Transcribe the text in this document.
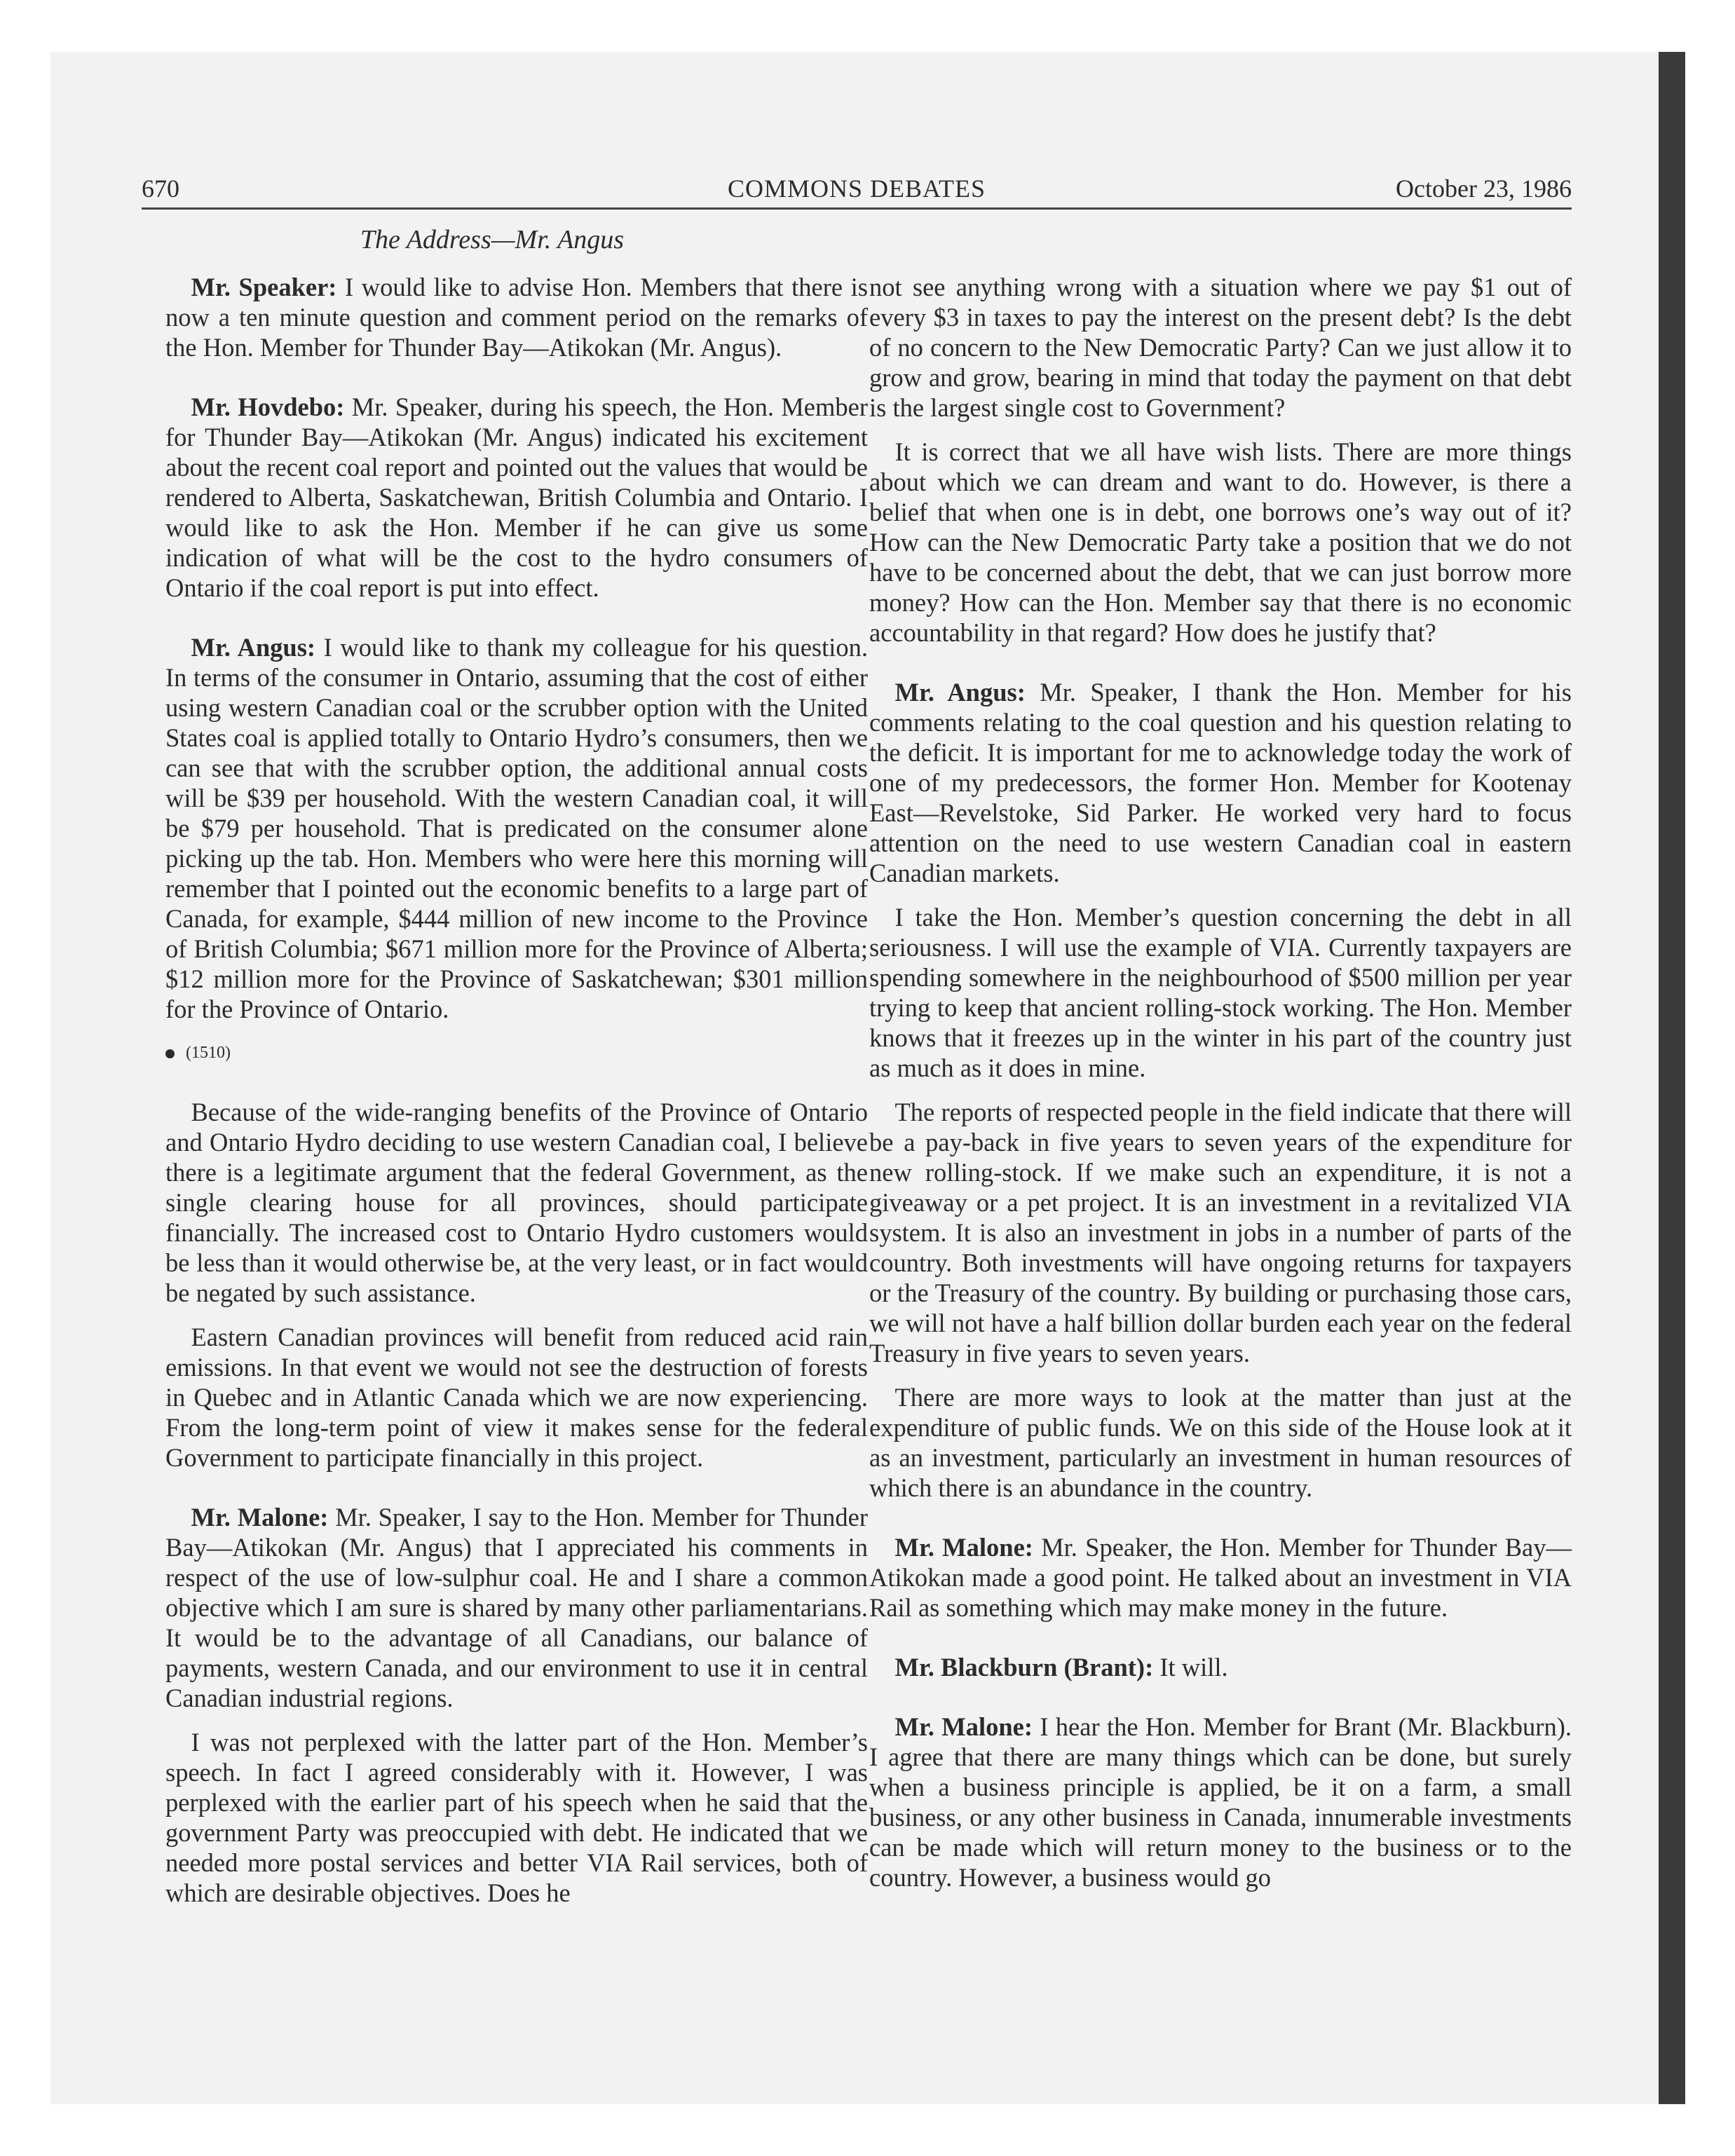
670	COMMONS DEBATES	October 23, 1986
The Address—Mr. Angus

Mr. Speaker: I would like to advise Hon. Members that there is now a ten minute question and comment period on the remarks of the Hon. Member for Thunder Bay—Atikokan (Mr. Angus).

Mr. Hovdebo: Mr. Speaker, during his speech, the Hon. Member for Thunder Bay—Atikokan (Mr. Angus) indicated his excitement about the recent coal report and pointed out the values that would be rendered to Alberta, Saskatchewan, British Columbia and Ontario. I would like to ask the Hon. Member if he can give us some indication of what will be the cost to the hydro consumers of Ontario if the coal report is put into effect.

Mr. Angus: I would like to thank my colleague for his question. In terms of the consumer in Ontario, assuming that the cost of either using western Canadian coal or the scrubber option with the United States coal is applied totally to Ontario Hydro’s consumers, then we can see that with the scrubber option, the additional annual costs will be $39 per household. With the western Canadian coal, it will be $79 per household. That is predicated on the consumer alone picking up the tab. Hon. Members who were here this morning will remember that I pointed out the economic benefits to a large part of Canada, for example, $444 million of new income to the Province of British Columbia; $671 million more for the Province of Alberta; $12 million more for the Province of Saskatchewan; $301 million for the Province of Ontario.

(1510)

Because of the wide-ranging benefits of the Province of Ontario and Ontario Hydro deciding to use western Canadian coal, I believe there is a legitimate argument that the federal Government, as the single clearing house for all provinces, should participate financially. The increased cost to Ontario Hydro customers would be less than it would otherwise be, at the very least, or in fact would be negated by such assistance.

Eastern Canadian provinces will benefit from reduced acid rain emissions. In that event we would not see the destruction of forests in Quebec and in Atlantic Canada which we are now experiencing. From the long-term point of view it makes sense for the federal Government to participate financially in this project.

Mr. Malone: Mr. Speaker, I say to the Hon. Member for Thunder Bay—Atikokan (Mr. Angus) that I appreciated his comments in respect of the use of low-sulphur coal. He and I share a common objective which I am sure is shared by many other parliamentarians. It would be to the advantage of all Canadians, our balance of payments, western Canada, and our environment to use it in central Canadian industrial regions.

I was not perplexed with the latter part of the Hon. Member’s speech. In fact I agreed considerably with it. However, I was perplexed with the earlier part of his speech when he said that the government Party was preoccupied with debt. He indicated that we needed more postal services and better VIA Rail services, both of which are desirable objectives. Does he

not see anything wrong with a situation where we pay $1 out of every $3 in taxes to pay the interest on the present debt? Is the debt of no concern to the New Democratic Party? Can we just allow it to grow and grow, bearing in mind that today the payment on that debt is the largest single cost to Government?

It is correct that we all have wish lists. There are more things about which we can dream and want to do. However, is there a belief that when one is in debt, one borrows one’s way out of it? How can the New Democratic Party take a position that we do not have to be concerned about the debt, that we can just borrow more money? How can the Hon. Member say that there is no economic accountability in that regard? How does he justify that?

Mr. Angus: Mr. Speaker, I thank the Hon. Member for his comments relating to the coal question and his question relating to the deficit. It is important for me to acknowledge today the work of one of my predecessors, the former Hon. Member for Kootenay East—Revelstoke, Sid Parker. He worked very hard to focus attention on the need to use western Canadian coal in eastern Canadian markets.

I take the Hon. Member’s question concerning the debt in all seriousness. I will use the example of VIA. Currently taxpayers are spending somewhere in the neighbourhood of $500 million per year trying to keep that ancient rolling-stock working. The Hon. Member knows that it freezes up in the winter in his part of the country just as much as it does in mine.

The reports of respected people in the field indicate that there will be a pay-back in five years to seven years of the expenditure for new rolling-stock. If we make such an expenditure, it is not a giveaway or a pet project. It is an investment in a revitalized VIA system. It is also an investment in jobs in a number of parts of the country. Both investments will have ongoing returns for taxpayers or the Treasury of the country. By building or purchasing those cars, we will not have a half billion dollar burden each year on the federal Treasury in five years to seven years.

There are more ways to look at the matter than just at the expenditure of public funds. We on this side of the House look at it as an investment, particularly an investment in human resources of which there is an abundance in the country.

Mr. Malone: Mr. Speaker, the Hon. Member for Thunder Bay—Atikokan made a good point. He talked about an investment in VIA Rail as something which may make money in the future.

Mr. Blackburn (Brant): It will.

Mr. Malone: I hear the Hon. Member for Brant (Mr. Blackburn). I agree that there are many things which can be done, but surely when a business principle is applied, be it on a farm, a small business, or any other business in Canada, innumerable investments can be made which will return money to the business or to the country. However, a business would go
